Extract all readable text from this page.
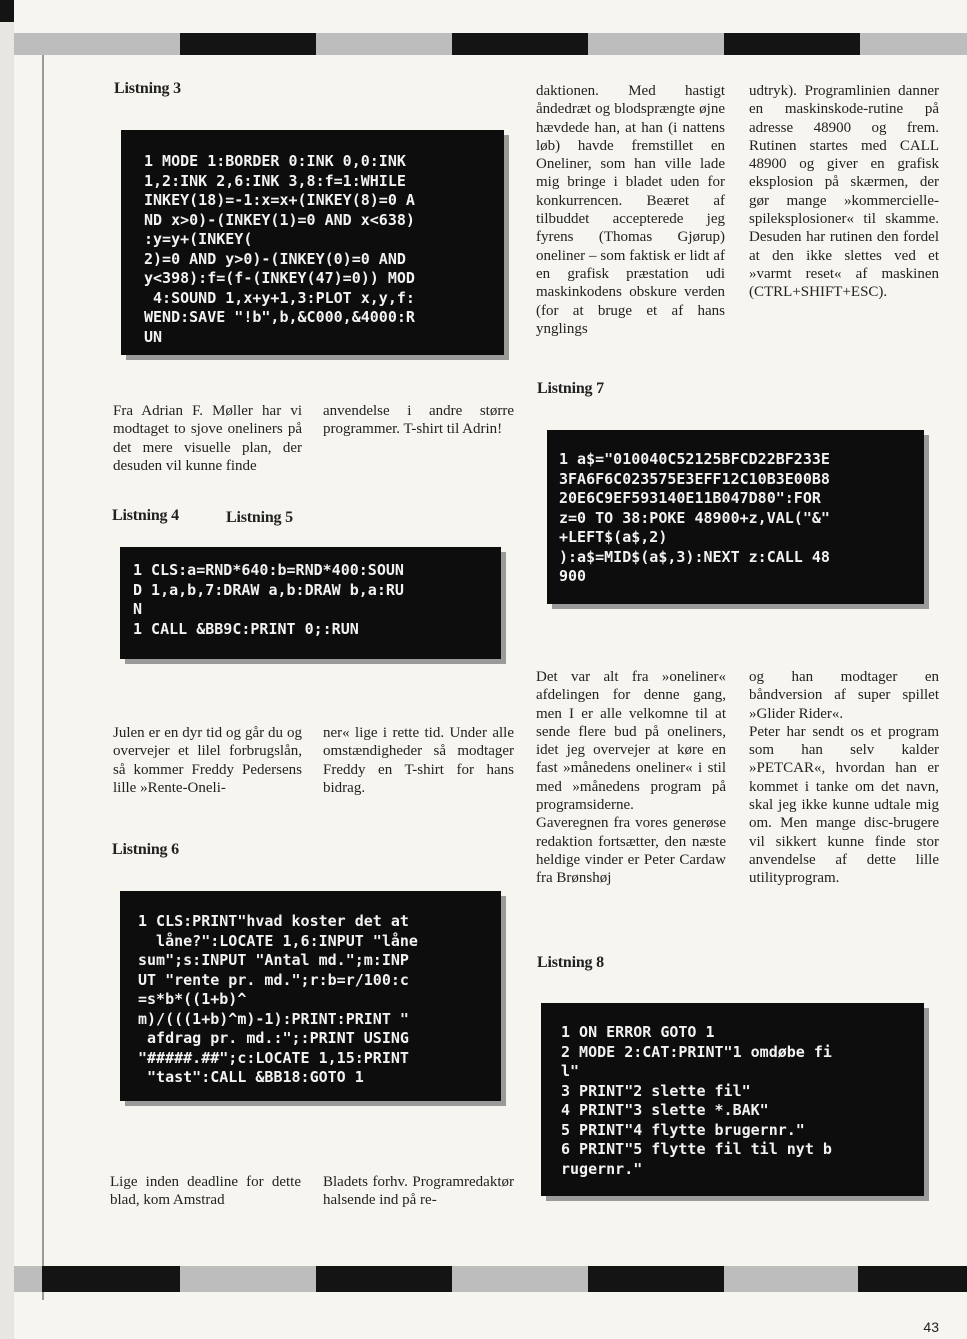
Listning 3

1 MODE 1:BORDER 0:INK 0,0:INK
1,2:INK 2,6:INK 3,8:f=1:WHILE
INKEY(18)=-1:x=x+(INKEY(8)=0 A
ND x>0)-(INKEY(1)=0 AND x<638)
:y=y+(INKEY(
2)=0 AND y>0)-(INKEY(0)=0 AND
y<398):f=(f-(INKEY(47)=0)) MOD
4:SOUND 1,x+y+1,3:PLOT x,y,f:
WEND:SAVE "!b",b,&C000,&4000:R
UN

Fra Adrian F. Møller har vi modtaget to sjove oneliners på det mere visuelle plan, der desuden vil kunne finde
anvendelse i andre større programmer. T-shirt til Adrin!
Listning 4	Listning 5

1 CLS:a=RND*640:b=RND*400:SOUN
D 1,a,b,7:DRAW a,b:DRAW b,a:RU
N
1 CALL &BB9C:PRINT 0;:RUN

Julen er en dyr tid og går du og overvejer et lilel forbrugslån, så kommer Freddy Pedersens lille »Rente-Oneli-
ner« lige i rette tid. Under alle omstændigheder så modtager Freddy en T-shirt for hans bidrag.
Listning 6

1 CLS:PRINT"hvad koster det at
låne?":LOCATE 1,6:INPUT "låne
sum";s:INPUT "Antal md.";m:INP
UT "rente pr. md.";r:b=r/100:c
=s*b*((1+b)^
m)/(((1+b)^m)-1):PRINT:PRINT "
afdrag pr. md.:";:PRINT USING
"#####.##";c:LOCATE 1,15:PRINT
"tast":CALL &BB18:GOTO 1

Lige inden deadline for dette blad, kom Amstrad
Bladets forhv. Programredaktør halsende ind på re-
daktionen. Med hastigt åndedræt og blodsprængte øjne hævdede han, at han (i nattens løb) havde fremstillet en Oneliner, som han ville lade mig bringe i bladet uden for konkurrencen. Beæret af tilbuddet accepterede jeg fyrens (Thomas Gjørup) oneliner – som faktisk er lidt af en grafisk præstation udi maskinkodens obskure verden (for at bruge et af hans ynglings
udtryk). Programlinien danner en maskinskode-rutine på adresse 48900 og frem. Rutinen startes med CALL 48900 og giver en grafisk eksplosion på skærmen, der gør mange »kommercielle-spileksplosioner« til skamme. Desuden har rutinen den fordel at den ikke slettes ved et »varmt reset« af maskinen (CTRL+SHIFT+ESC).
Listning 7

1 a$="010040C52125BFCD22BF233E
3FA6F6C023575E3EFF12C10B3E00B8
20E6C9EF593140E11B047D80":FOR
z=0 TO 38:POKE 48900+z,VAL("&"
+LEFT$(a$,2)
):a$=MID$(a$,3):NEXT z:CALL 48
900

Det var alt fra »oneliner« afdelingen for denne gang, men I er alle velkomne til at sende flere bud på oneliners, idet jeg overvejer at køre en fast »månedens oneliner« i stil med »månedens program på programsiderne.

Gaveregnen fra vores generøse redaktion fortsætter, den næste heldige vinder er Peter Cardaw fra Brønshøj

og han modtager en båndversion af super spillet »Glider Rider«.

Peter har sendt os et program som han selv kalder »PETCAR«, hvordan han er kommet i tanke om det navn, skal jeg ikke kunne udtale mig om. Men mange disc-brugere vil sikkert kunne finde stor anvendelse af dette lille utilityprogram.

Listning 8

1 ON ERROR GOTO 1
2 MODE 2:CAT:PRINT"1 omdøbe fi
l"
3 PRINT"2 slette fil"
4 PRINT"3 slette *.BAK"
5 PRINT"4 flytte brugernr."
6 PRINT"5 flytte fil til nyt b
rugernr."

43
